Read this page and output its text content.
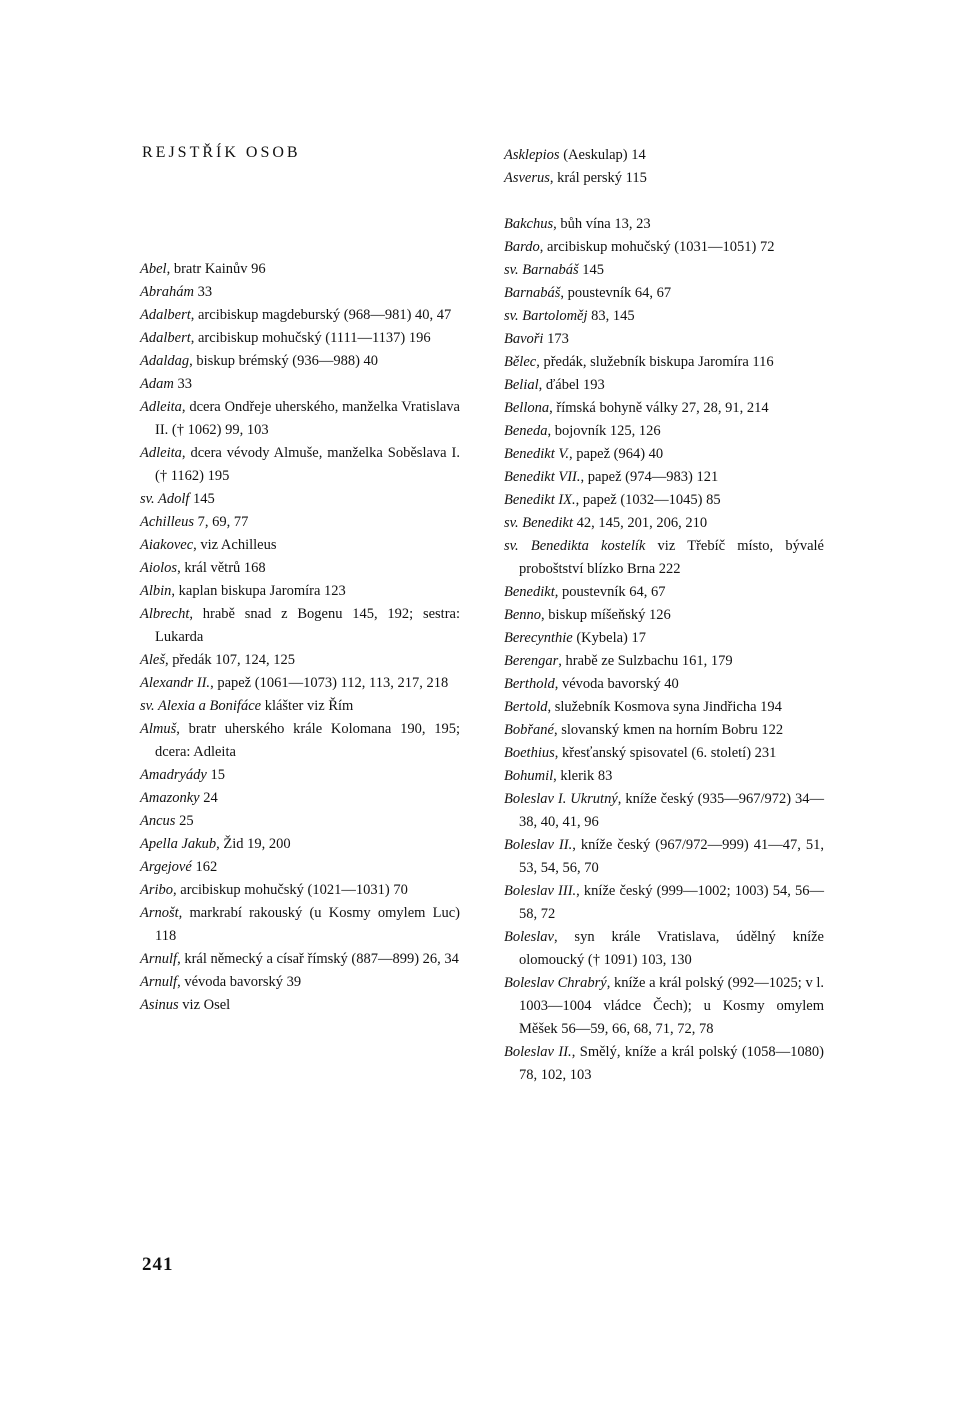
REJSTŘÍK OSOB
Abel, bratr Kainův 96
Abrahám 33
Adalbert, arcibiskup magdeburský (968—981) 40, 47
Adalbert, arcibiskup mohučský (1111—1137) 196
Adaldag, biskup brémský (936—988) 40
Adam 33
Adleita, dcera Ondřeje uherského, manželka Vratislava II. († 1062) 99, 103
Adleita, dcera vévody Almuše, manželka Soběslava I. († 1162) 195
sv. Adolf 145
Achilleus 7, 69, 77
Aiakovec, viz Achilleus
Aiolos, král větrů 168
Albin, kaplan biskupa Jaromíra 123
Albrecht, hrabě snad z Bogenu 145, 192; sestra: Lukarda
Aleš, předák 107, 124, 125
Alexandr II., papež (1061—1073) 112, 113, 217, 218
sv. Alexia a Bonifáce klášter viz Řím
Almuš, bratr uherského krále Kolomana 190, 195; dcera: Adleita
Amadryády 15
Amazonky 24
Ancus 25
Apella Jakub, Žid 19, 200
Argejové 162
Aribo, arcibiskup mohučský (1021—1031) 70
Arnošt, markrabí rakouský (u Kosmy omylem Luc) 118
Arnulf, král německý a císař římský (887—899) 26, 34
Arnulf, vévoda bavorský 39
Asinus viz Osel
Asklepios (Aeskulap) 14
Asverus, král perský 115
Bakchus, bůh vína 13, 23
Bardo, arcibiskup mohučský (1031—1051) 72
sv. Barnabáš 145
Barnabáš, poustevník 64, 67
sv. Bartoloměj 83, 145
Bavoři 173
Bělec, předák, služebník biskupa Jaromíra 116
Belial, ďábel 193
Bellona, římská bohyně války 27, 28, 91, 214
Beneda, bojovník 125, 126
Benedikt V., papež (964) 40
Benedikt VII., papež (974—983) 121
Benedikt IX., papež (1032—1045) 85
sv. Benedikt 42, 145, 201, 206, 210
sv. Benedikta kostelík viz Třebíč místo, bývalé proboštství blízko Brna 222
Benedikt, poustevník 64, 67
Benno, biskup míšeňský 126
Berecynthie (Kybela) 17
Berengar, hrabě ze Sulzbachu 161, 179
Berthold, vévoda bavorský 40
Bertold, služebník Kosmova syna Jindřicha 194
Bobřané, slovanský kmen na horním Bobru 122
Boethius, křesťanský spisovatel (6. století) 231
Bohumil, klerik 83
Boleslav I. Ukrutný, kníže český (935—967/972) 34—38, 40, 41, 96
Boleslav II., kníže český (967/972—999) 41—47, 51, 53, 54, 56, 70
Boleslav III., kníže český (999—1002; 1003) 54, 56—58, 72
Boleslav, syn krále Vratislava, údělný kníže olomoucký († 1091) 103, 130
Boleslav Chrabrý, kníže a král polský (992—1025; v l. 1003—1004 vládce Čech); u Kosmy omylem Měšek 56—59, 66, 68, 71, 72, 78
Boleslav II., Smělý, kníže a král polský (1058—1080) 78, 102, 103
241
